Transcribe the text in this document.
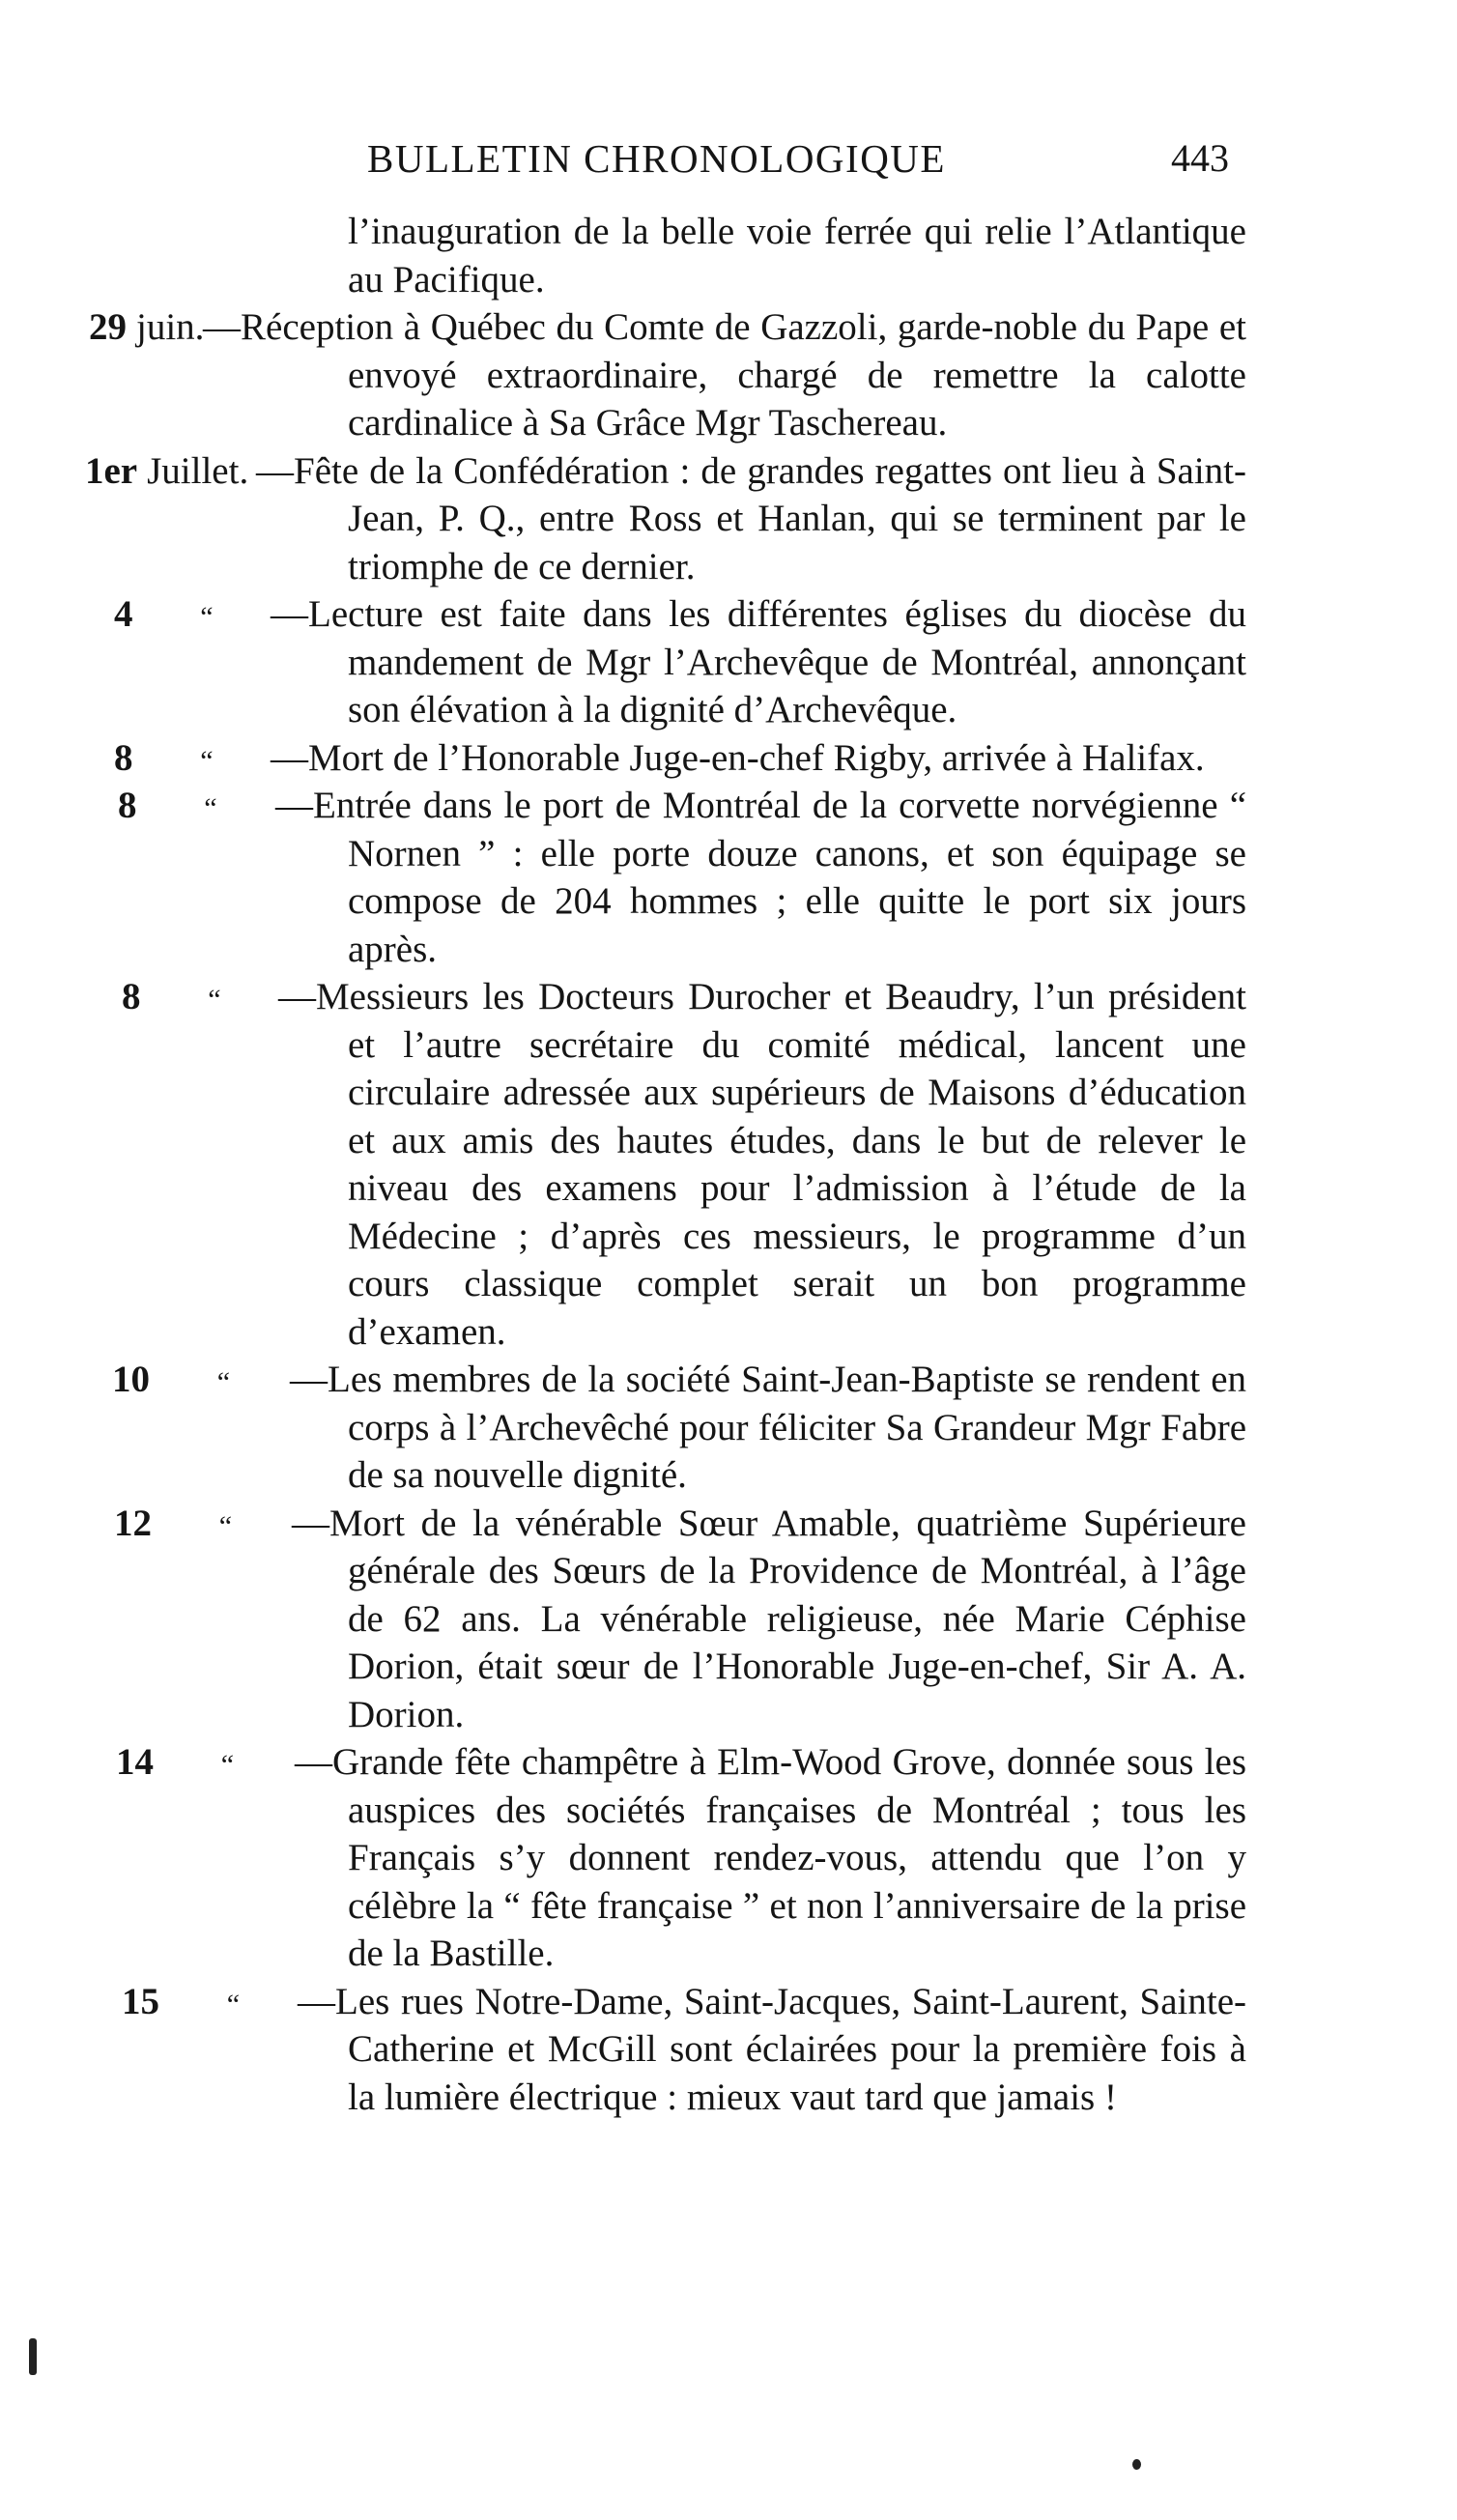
BULLETIN CHRONOLOGIQUE	443
l’inauguration de la belle voie ferrée qui relie l’Atlantique au Pacifique.
29 juin.
—Réception à Québec du Comte de Gazzoli, garde-noble du Pape et envoyé extraordinaire, chargé de remettre la calotte cardinalice à Sa Grâce Mgr Taschereau.
1er Juillet. —Fête de la Confédération : de grandes regattes ont lieu à Saint-Jean, P. Q., entre Ross et Hanlan, qui se terminent par le triomphe de ce dernier.
4 “ —Lecture est faite dans les différentes églises du diocèse du mandement de Mgr l’Archevêque de Montréal, annonçant son élévation à la dignité d’Archevêque.
8 “ —Mort de l’Honorable Juge-en-chef Rigby, arrivée à Halifax.
8 “ —Entrée dans le port de Montréal de la corvette norvégienne “ Nornen ” : elle porte douze canons, et son équipage se compose de 204 hommes ; elle quitte le port six jours après.
8 “ —Messieurs les Docteurs Durocher et Beaudry, l’un président et l’autre secrétaire du comité médical, lancent une circulaire adressée aux supérieurs de Maisons d’éducation et aux amis des hautes études, dans le but de relever le niveau des examens pour l’admission à l’étude de la Médecine ; d’après ces messieurs, le programme d’un cours classique complet serait un bon programme d’examen.
10 “ —Les membres de la société Saint-Jean-Baptiste se rendent en corps à l’Archevêché pour féliciter Sa Grandeur Mgr Fabre de sa nouvelle dignité.
12 “ —Mort de la vénérable Sœur Amable, quatrième Supérieure générale des Sœurs de la Providence de Montréal, à l’âge de 62 ans. La vénérable religieuse, née Marie Céphise Dorion, était sœur de l’Honorable Juge-en-chef, Sir A. A. Dorion.
14 “ —Grande fête champêtre à Elm-Wood Grove, donnée sous les auspices des sociétés françaises de Montréal ; tous les Français s’y donnent rendez-vous, attendu que l’on y célèbre la “ fête française ” et non l’anniversaire de la prise de la Bastille.
15 “ —Les rues Notre-Dame, Saint-Jacques, Saint-Laurent, Sainte-Catherine et McGill sont éclairées pour la première fois à la lumière électrique : mieux vaut tard que jamais !
